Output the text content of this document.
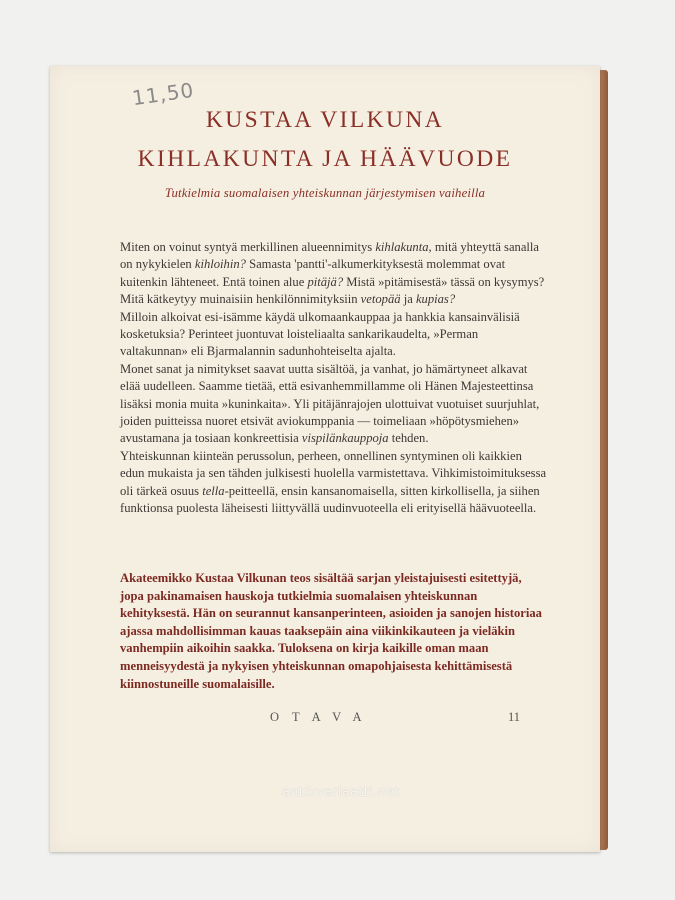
11,50
KUSTAA VILKUNA
KIHLAKUNTA JA HÄÄVUODE
Tutkielmia suomalaisen yhteiskunnan järjestymisen vaiheilla

Miten on voinut syntyä merkillinen alueennimitys kihlakunta, mitä yhteyttä sanalla on nykykielen kihloihin? Samasta 'pantti'-alkumerkityksestä molemmat ovat kuitenkin lähteneet. Entä toinen alue pitäjä? Mistä »pitämisestä» tässä on kysymys? Mitä kätkeytyy muinaisiin henkilönnimityksiin vetopää ja kupias?

Milloin alkoivat esi-isämme käydä ulkomaankauppaa ja hankkia kansainvälisiä kosketuksia? Perinteet juontuvat loisteliaalta sankarikaudelta, »Perman valtakunnan» eli Bjarmalannin sadunhohteiselta ajalta.

Monet sanat ja nimitykset saavat uutta sisältöä, ja vanhat, jo hämärtyneet alkavat elää uudelleen. Saamme tietää, että esivanhemmillamme oli Hänen Majesteettinsa lisäksi monia muita »kuninkaita». Yli pitäjänrajojen ulottuivat vuotuiset suurjuhlat, joiden puitteissa nuoret etsivät aviokumppania — toimeliaan »höpötysmiehen» avustamana ja tosiaan konkreettisia vispilänkauppoja tehden.

Yhteiskunnan kiinteän perussolun, perheen, onnellinen syntyminen oli kaikkien edun mukaista ja sen tähden julkisesti huolella varmistettava. Vihkimistoimituksessa oli tärkeä osuus tella-peitteellä, ensin kansanomaisella, sitten kirkollisella, ja siihen funktionsa puolesta läheisesti liittyvällä uudinvuoteella eli erityisellä häävuoteella.

Akateemikko Kustaa Vilkunan teos sisältää sarjan yleistajuisesti esitettyjä, jopa pakinamaisen hauskoja tutkielmia suomalaisen yhteiskunnan kehityksestä. Hän on seurannut kansanperinteen, asioiden ja sanojen historiaa ajassa mahdollisimman kauas taaksepäin aina viikinkikauteen ja vieläkin vanhempiin aikoihin saakka. Tuloksena on kirja kaikille oman maan menneisyydestä ja nykyisen yhteiskunnan omapohjaisesta kehittämisestä kiinnostuneille suomalaisille.
OTAVA	11
antikvariaatti.net
